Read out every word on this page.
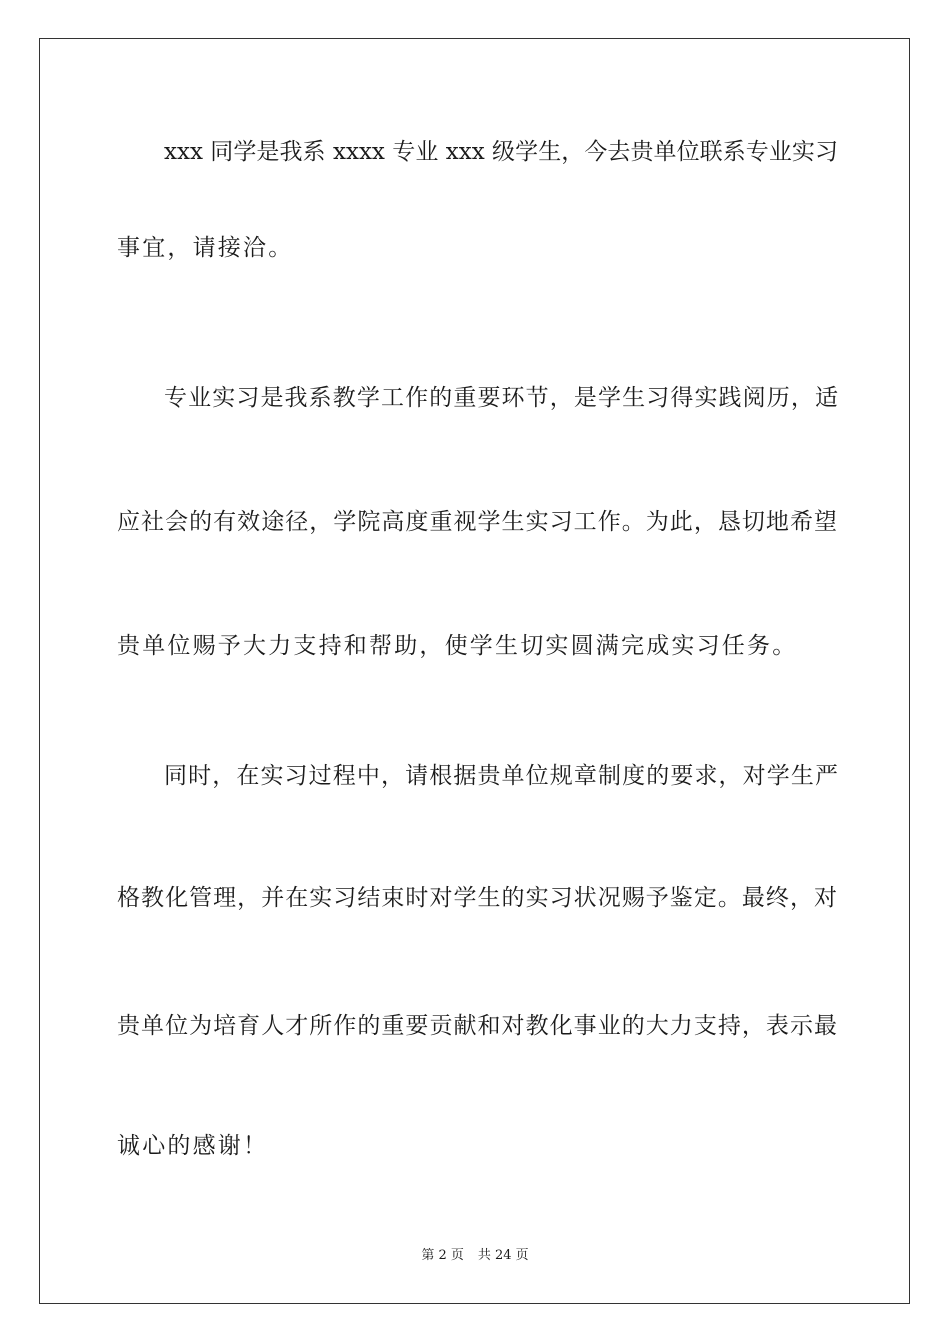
xxx 同学是我系 xxxx 专业 xxx 级学生，今去贵单位联系专业实习
事宜，请接洽。
专业实习是我系教学工作的重要环节，是学生习得实践阅历，适
应社会的有效途径，学院高度重视学生实习工作。为此，恳切地希望
贵单位赐予大力支持和帮助，使学生切实圆满完成实习任务。
同时，在实习过程中，请根据贵单位规章制度的要求，对学生严
格教化管理，并在实习结束时对学生的实习状况赐予鉴定。最终，对
贵单位为培育人才所作的重要贡献和对教化事业的大力支持，表示最
诚心的感谢！
第 2 页 共 24 页
